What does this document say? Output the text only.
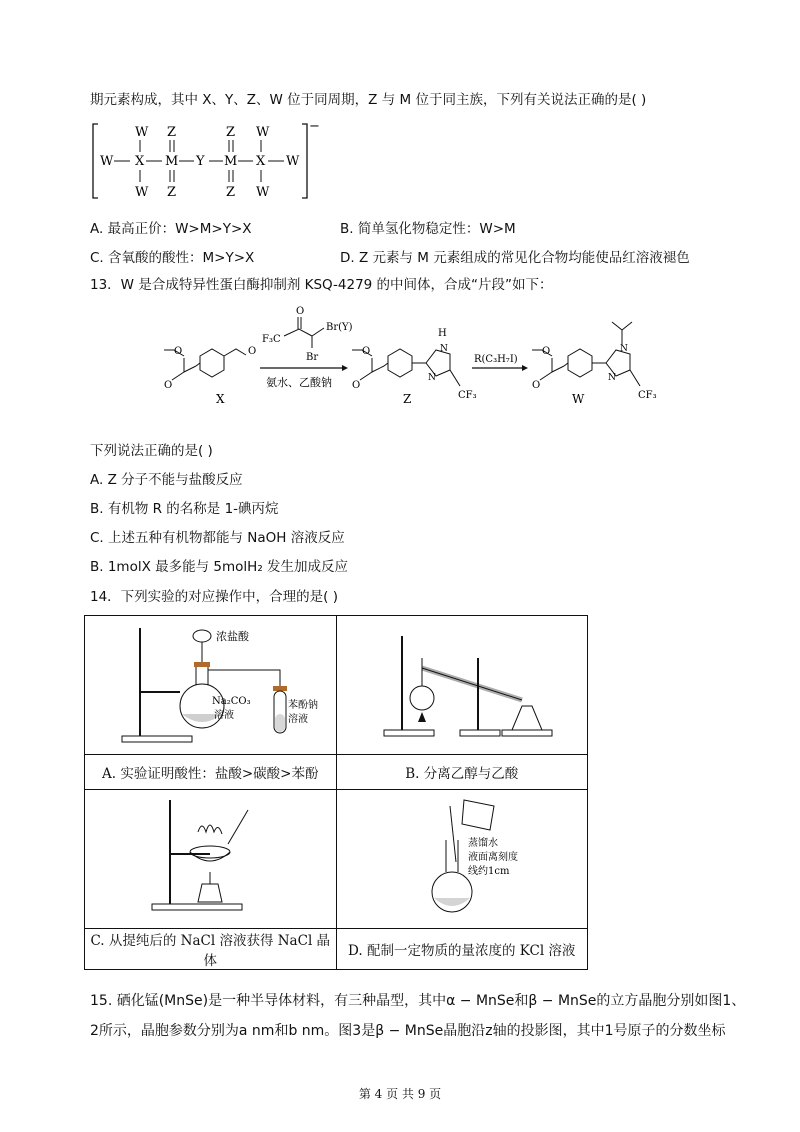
期元素构成，其中 X、Y、Z、W 位于同周期，Z 与 M 位于同主族，下列有关说法正确的是( )
−
W Z	Z W
W X M Y M X W
W Z	Z W
A. 最高正价：W>M>Y>X	B. 简单氢化物稳定性：W>M
C. 含氧酸的酸性：M>Y>X	D. Z 元素与 M 元素组成的常见化合物均能使品红溶液褪色
13．W 是合成特异性蛋白酶抑制剂 KSQ-4279 的中间体，合成“片段”如下：
O
O
O
X
O
F₃C
Br(Y)
Br
氨水、乙酸钠
O
O
H
N
N
CF₃
Z
R(C₃H₇I)
O
O
N
N
CF₃
W
下列说法正确的是( )
A. Z 分子不能与盐酸反应
B. 有机物 R 的名称是 1-碘丙烷
C. 上述五种有机物都能与 NaOH 溶液反应
B. 1molX 最多能与 5molH₂ 发生加成反应
14．下列实验的对应操作中，合理的是( )
浓盐酸
Na₂CO₃
溶液
苯酚钠
溶液

A. 实验证明酸性：盐酸>碳酸>苯酚	B. 分离乙醇与乙酸

蒸馏水
液面离刻度
线约1cm

C. 从提纯后的 NaCl 溶液获得 NaCl 晶体	D. 配制一定物质的量浓度的 KCl 溶液
15. 硒化锰(MnSe)是一种半导体材料，有三种晶型，其中α − MnSe和β − MnSe的立方晶胞分别如图1、
2所示，晶胞参数分别为a nm和b nm。图3是β − MnSe晶胞沿z轴的投影图，其中1号原子的分数坐标
第 4 页 共 9 页
